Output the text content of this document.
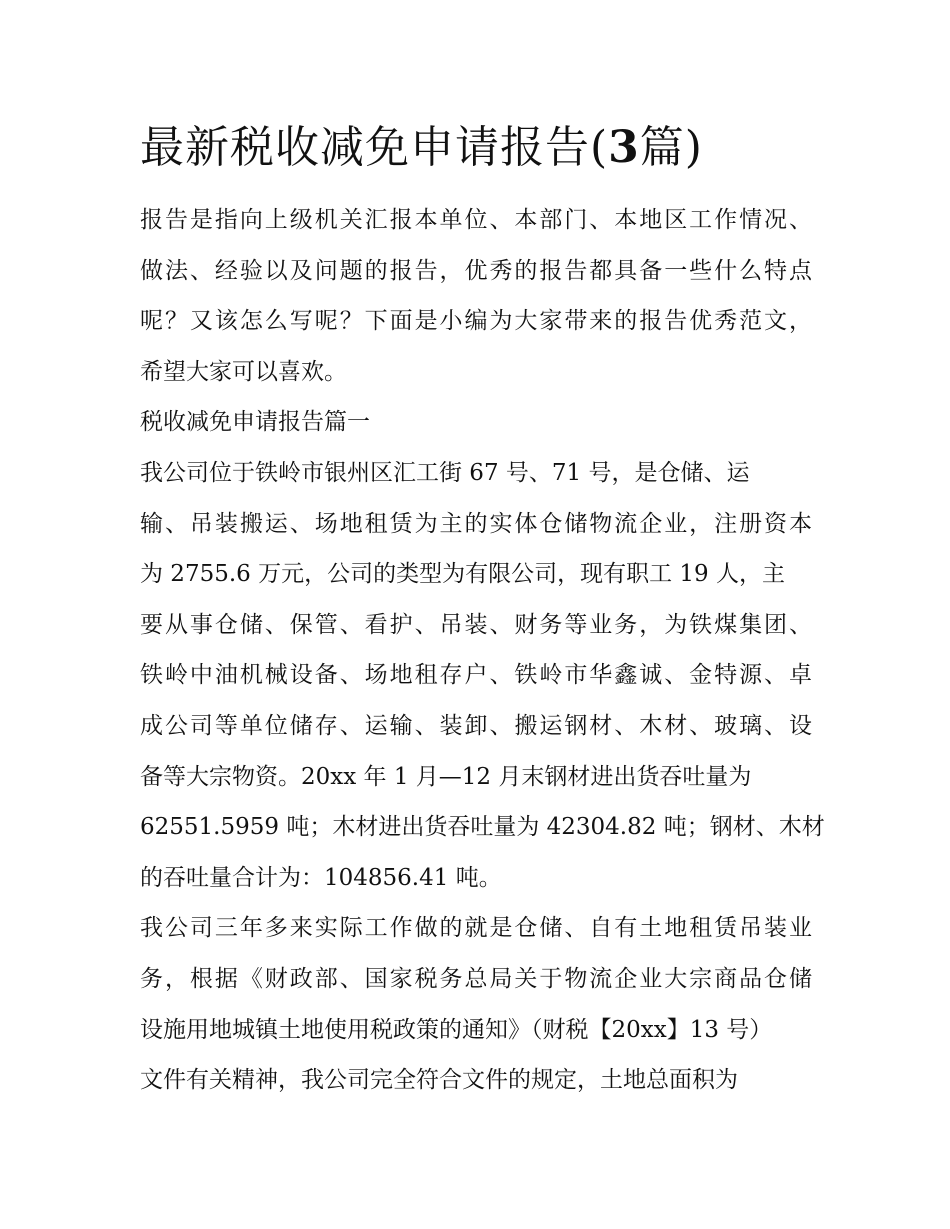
最新税收减免申请报告(3篇)
报告是指向上级机关汇报本单位、本部门、本地区工作情况、
做法、经验以及问题的报告，优秀的报告都具备一些什么特点
呢？又该怎么写呢？下面是小编为大家带来的报告优秀范文，
希望大家可以喜欢。
税收减免申请报告篇一
我公司位于铁岭市银州区汇工街 67 号、71 号，是仓储、运
输、吊装搬运、场地租赁为主的实体仓储物流企业，注册资本
为 2755.6 万元，公司的类型为有限公司，现有职工 19 人，主
要从事仓储、保管、看护、吊装、财务等业务，为铁煤集团、
铁岭中油机械设备、场地租存户、铁岭市华鑫诚、金特源、卓
成公司等单位储存、运输、装卸、搬运钢材、木材、玻璃、设
备等大宗物资。20xx 年 1 月—12 月末钢材进出货吞吐量为
62551.5959 吨；木材进出货吞吐量为 42304.82 吨；钢材、木材
的吞吐量合计为：104856.41 吨。
我公司三年多来实际工作做的就是仓储、自有土地租赁吊装业
务，根据《财政部、国家税务总局关于物流企业大宗商品仓储
设施用地城镇土地使用税政策的通知》（财税【20xx】13 号）
文件有关精神，我公司完全符合文件的规定，土地总面积为
